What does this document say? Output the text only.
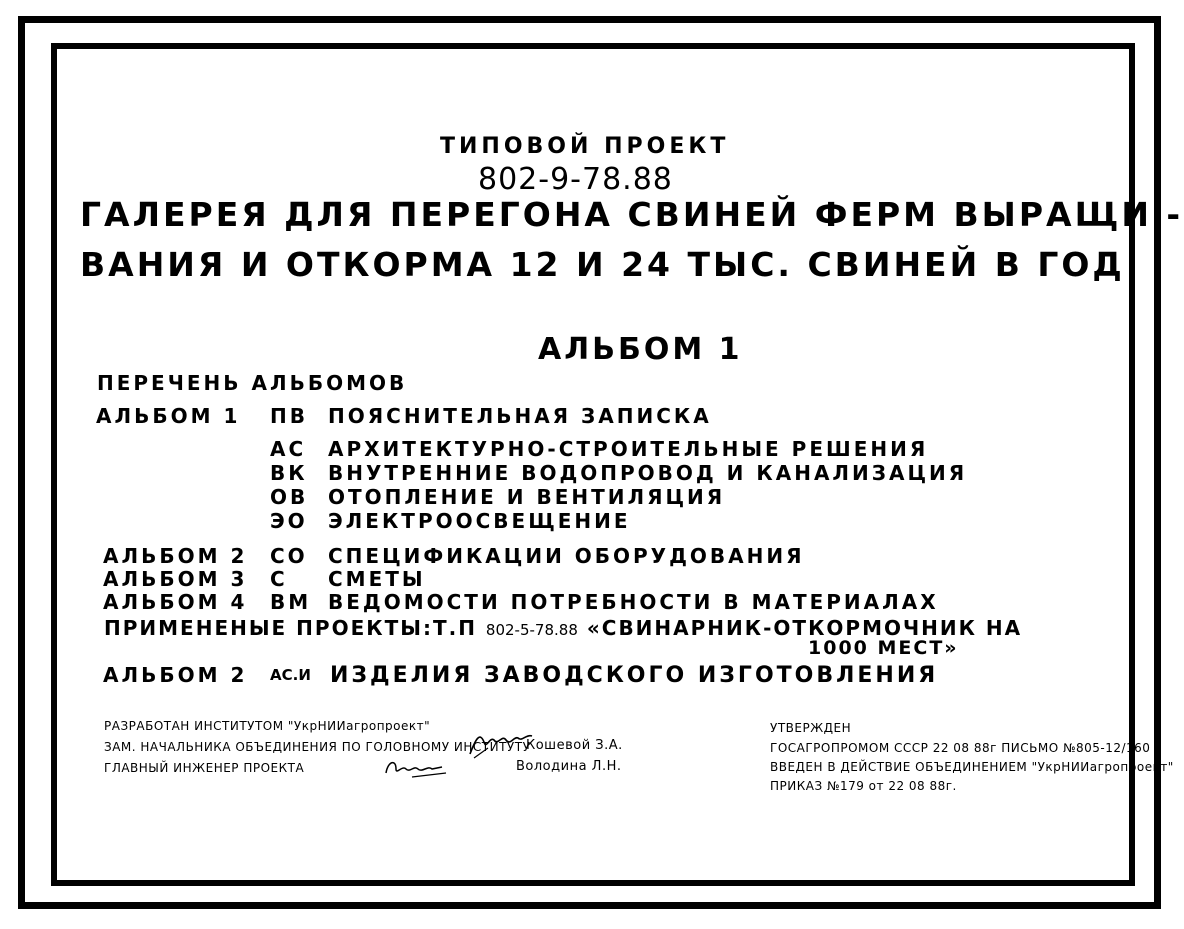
ТИПОВОЙ ПРОЕКТ
802-9-78.88
ГАЛЕРЕЯ ДЛЯ ПЕРЕГОНА СВИНЕЙ ФЕРМ ВЫРАЩИ -
ВАНИЯ И ОТКОРМА 12 И 24 ТЫС. СВИНЕЙ В ГОД
АЛЬБОМ 1
ПЕРЕЧЕНЬ АЛЬБОМОВ
АЛЬБОМ 1 ПВ ПОЯСНИТЕЛЬНАЯ ЗАПИСКА
АС АРХИТЕКТУРНО-СТРОИТЕЛЬНЫЕ РЕШЕНИЯ
ВК ВНУТРЕННИЕ ВОДОПРОВОД И КАНАЛИЗАЦИЯ
ОВ ОТОПЛЕНИЕ И ВЕНТИЛЯЦИЯ
ЭО ЭЛЕКТРООСВЕЩЕНИЕ
АЛЬБОМ 2 СО СПЕЦИФИКАЦИИ ОБОРУДОВАНИЯ
АЛЬБОМ 3 С СМЕТЫ
АЛЬБОМ 4 ВМ ВЕДОМОСТИ ПОТРЕБНОСТИ В МАТЕРИАЛАХ
ПРИМЕНЕНЫЕ ПРОЕКТЫ:Т.П 802-5-78.88 «СВИНАРНИК-ОТКОРМОЧНИК НА
1000 МЕСТ»
АЛЬБОМ 2 АС.И ИЗДЕЛИЯ ЗАВОДСКОГО ИЗГОТОВЛЕНИЯ
РАЗРАБОТАН ИНСТИТУТОМ "УкрНИИагропроект"
ЗАМ. НАЧАЛЬНИКА ОБЪЕДИНЕНИЯ ПО ГОЛОВНОМУ ИНСТИТУТУ
Кошевой З.А.
ГЛАВНЫЙ ИНЖЕНЕР ПРОЕКТА	Володина Л.Н.
УТВЕРЖДЕН
ГОСАГРОПРОМОМ СССР 22 08 88г ПИСЬМО №805-12/160
ВВЕДЕН В ДЕЙСТВИЕ ОБЪЕДИНЕНИЕМ "УкрНИИагропроект"
ПРИКАЗ №179 от 22 08 88г.
